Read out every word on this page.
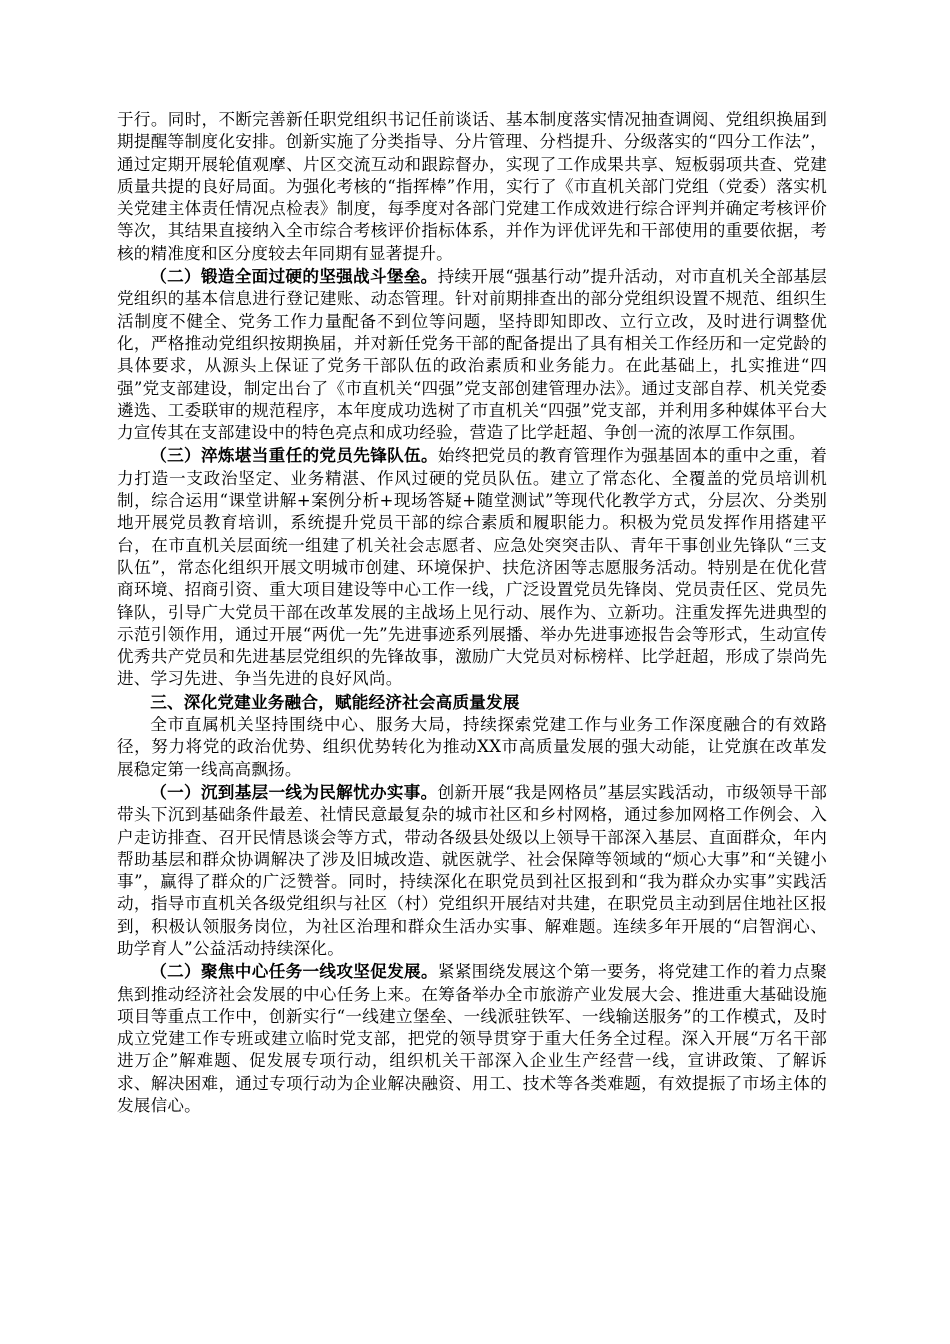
于行。同时，不断完善新任职党组织书记任前谈话、基本制度落实情况抽查调阅、党组织换届到期提醒等制度化安排。创新实施了分类指导、分片管理、分档提升、分级落实的“四分工作法”，通过定期开展轮值观摩、片区交流互动和跟踪督办，实现了工作成果共享、短板弱项共查、党建质量共提的良好局面。为强化考核的“指挥棒”作用，实行了《市直机关部门党组（党委）落实机关党建主体责任情况点检表》制度，每季度对各部门党建工作成效进行综合评判并确定考核评价等次，其结果直接纳入全市综合考核评价指标体系，并作为评优评先和干部使用的重要依据，考核的精准度和区分度较去年同期有显著提升。

（二）锻造全面过硬的坚强战斗堡垒。持续开展“强基行动”提升活动，对市直机关全部基层党组织的基本信息进行登记建账、动态管理。针对前期排查出的部分党组织设置不规范、组织生活制度不健全、党务工作力量配备不到位等问题，坚持即知即改、立行立改，及时进行调整优化，严格推动党组织按期换届，并对新任党务干部的配备提出了具有相关工作经历和一定党龄的具体要求，从源头上保证了党务干部队伍的政治素质和业务能力。在此基础上，扎实推进“四强”党支部建设，制定出台了《市直机关“四强”党支部创建管理办法》。通过支部自荐、机关党委遴选、工委联审的规范程序，本年度成功选树了市直机关“四强”党支部，并利用多种媒体平台大力宣传其在支部建设中的特色亮点和成功经验，营造了比学赶超、争创一流的浓厚工作氛围。

（三）淬炼堪当重任的党员先锋队伍。始终把党员的教育管理作为强基固本的重中之重，着力打造一支政治坚定、业务精湛、作风过硬的党员队伍。建立了常态化、全覆盖的党员培训机制，综合运用“课堂讲解+案例分析+现场答疑+随堂测试”等现代化教学方式，分层次、分类别地开展党员教育培训，系统提升党员干部的综合素质和履职能力。积极为党员发挥作用搭建平台，在市直机关层面统一组建了机关社会志愿者、应急处突突击队、青年干事创业先锋队“三支队伍”，常态化组织开展文明城市创建、环境保护、扶危济困等志愿服务活动。特别是在优化营商环境、招商引资、重大项目建设等中心工作一线，广泛设置党员先锋岗、党员责任区、党员先锋队，引导广大党员干部在改革发展的主战场上见行动、展作为、立新功。注重发挥先进典型的示范引领作用，通过开展“两优一先”先进事迹系列展播、举办先进事迹报告会等形式，生动宣传优秀共产党员和先进基层党组织的先锋故事，激励广大党员对标榜样、比学赶超，形成了崇尚先进、学习先进、争当先进的良好风尚。

三、深化党建业务融合，赋能经济社会高质量发展

全市直属机关坚持围绕中心、服务大局，持续探索党建工作与业务工作深度融合的有效路径，努力将党的政治优势、组织优势转化为推动XX市高质量发展的强大动能，让党旗在改革发展稳定第一线高高飘扬。

（一）沉到基层一线为民解忧办实事。创新开展“我是网格员”基层实践活动，市级领导干部带头下沉到基础条件最差、社情民意最复杂的城市社区和乡村网格，通过参加网格工作例会、入户走访排查、召开民情恳谈会等方式，带动各级县处级以上领导干部深入基层、直面群众，年内帮助基层和群众协调解决了涉及旧城改造、就医就学、社会保障等领域的“烦心大事”和“关键小事”，赢得了群众的广泛赞誉。同时，持续深化在职党员到社区报到和“我为群众办实事”实践活动，指导市直机关各级党组织与社区（村）党组织开展结对共建，在职党员主动到居住地社区报到，积极认领服务岗位，为社区治理和群众生活办实事、解难题。连续多年开展的“启智润心、助学育人”公益活动持续深化。

（二）聚焦中心任务一线攻坚促发展。紧紧围绕发展这个第一要务，将党建工作的着力点聚焦到推动经济社会发展的中心任务上来。在筹备举办全市旅游产业发展大会、推进重大基础设施项目等重点工作中，创新实行“一线建立堡垒、一线派驻铁军、一线输送服务”的工作模式，及时成立党建工作专班或建立临时党支部，把党的领导贯穿于重大任务全过程。深入开展“万名干部进万企”解难题、促发展专项行动，组织机关干部深入企业生产经营一线，宣讲政策、了解诉求、解决困难，通过专项行动为企业解决融资、用工、技术等各类难题，有效提振了市场主体的发展信心。
